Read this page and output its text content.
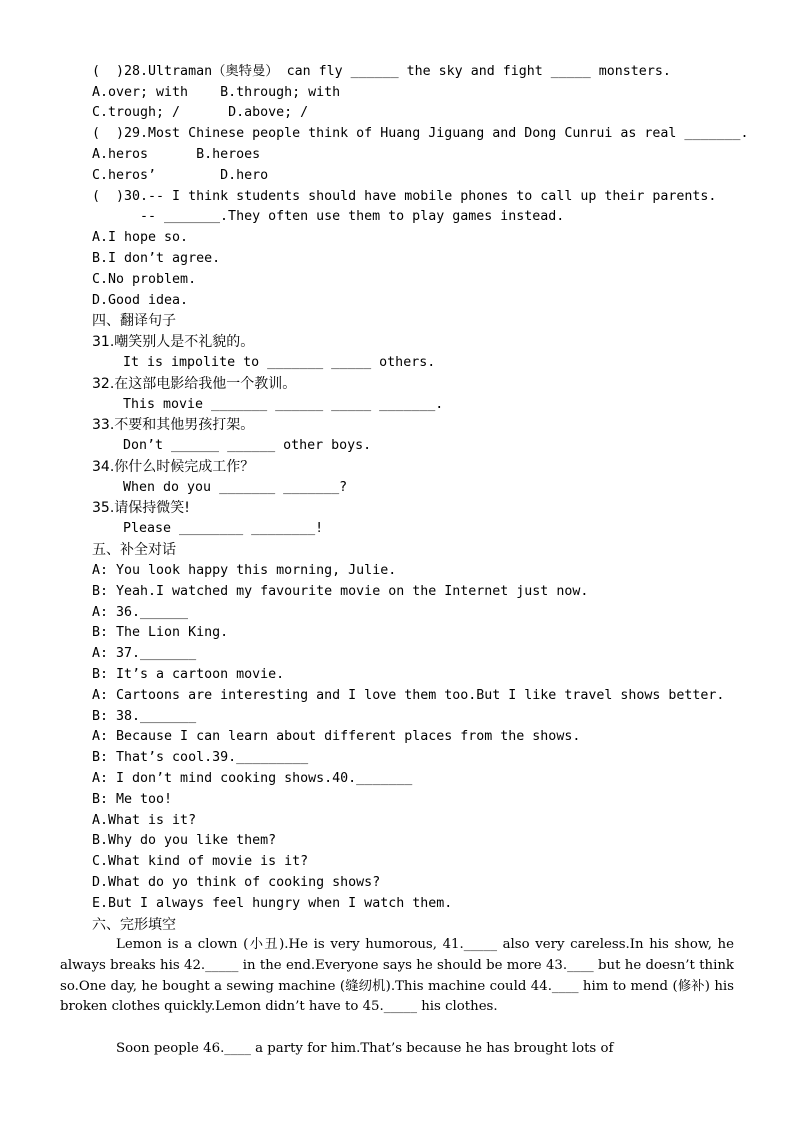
(  )28.Ultraman（奥特曼） can fly ______ the sky and fight _____ monsters.
A.over; with    B.through; with
C.trough; /      D.above; /
(  )29.Most Chinese people think of Huang Jiguang and Dong Cunrui as real _______.
A.heros      B.heroes
C.heros’        D.hero
(  )30.-- I think students should have mobile phones to call up their parents.
-- _______.They often use them to play games instead.
A.I hope so.
B.I don’t agree.
C.No problem.
D.Good idea.
四、翻译句子
31.嘲笑别人是不礼貌的。
It is impolite to _______ _____ others.
32.在这部电影给我他一个教训。
This movie _______ ______ _____ _______.
33.不要和其他男孩打架。
Don’t ______ ______ other boys.
34.你什么时候完成工作？
When do you _______ _______?
35.请保持微笑!
Please ________ ________!
五、补全对话
A: You look happy this morning, Julie.
B: Yeah.I watched my favourite movie on the Internet just now.
A: 36.______
B: The Lion King.
A: 37._______
B: It’s a cartoon movie.
A: Cartoons are interesting and I love them too.But I like travel shows better.
B: 38._______
A: Because I can learn about different places from the shows.
B: That’s cool.39._________
A: I don’t mind cooking shows.40._______
B: Me too!
A.What is it?
B.Why do you like them?
C.What kind of movie is it?
D.What do yo think of cooking shows?
E.But I always feel hungry when I watch them.
六、完形填空
Lemon is a clown (小丑).He is very humorous, 41._____ also very careless.In his show, he always breaks his 42._____ in the end.Everyone says he should be more 43.____ but he doesn’t think so.One day, he bought a sewing machine (缝纫机).This machine could 44.____ him to mend (修补) his broken clothes quickly.Lemon didn’t have to 45._____ his clothes.
Soon people 46.____ a party for him.That’s because he has brought lots of
